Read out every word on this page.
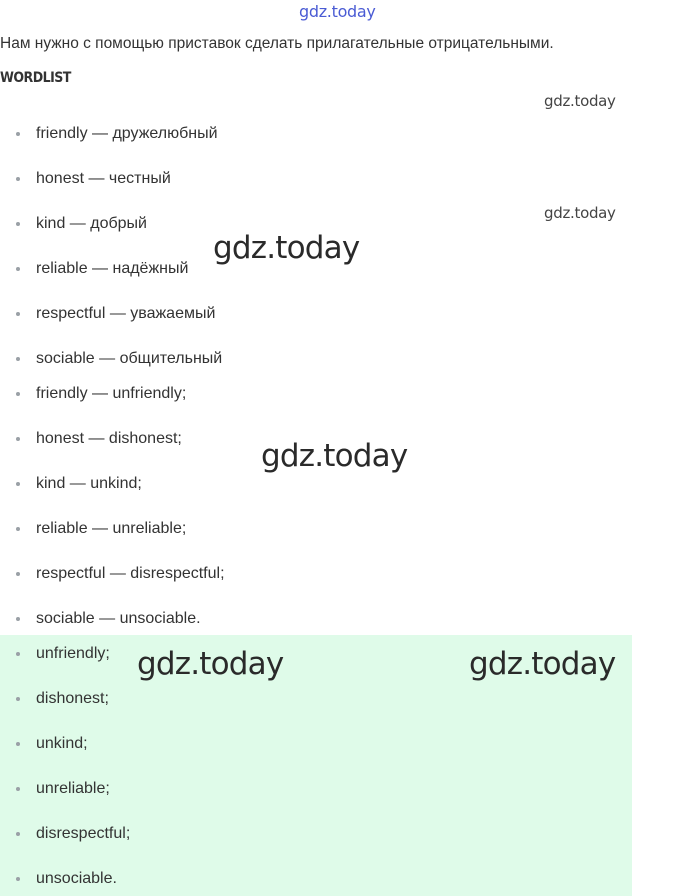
gdz.today
Нам нужно с помощью приставок сделать прилагательные отрицательными.
WORDLIST
friendly — дружелюбный
honest — честный
kind — добрый
reliable — надёжный
respectful — уважаемый
sociable — общительный
friendly — unfriendly;
honest — dishonest;
kind — unkind;
reliable — unreliable;
respectful — disrespectful;
sociable — unsociable.
unfriendly;
dishonest;
unkind;
unreliable;
disrespectful;
unsociable.
gdz.today
gdz.today
gdz.today
gdz.today
gdz.today	gdz.today
